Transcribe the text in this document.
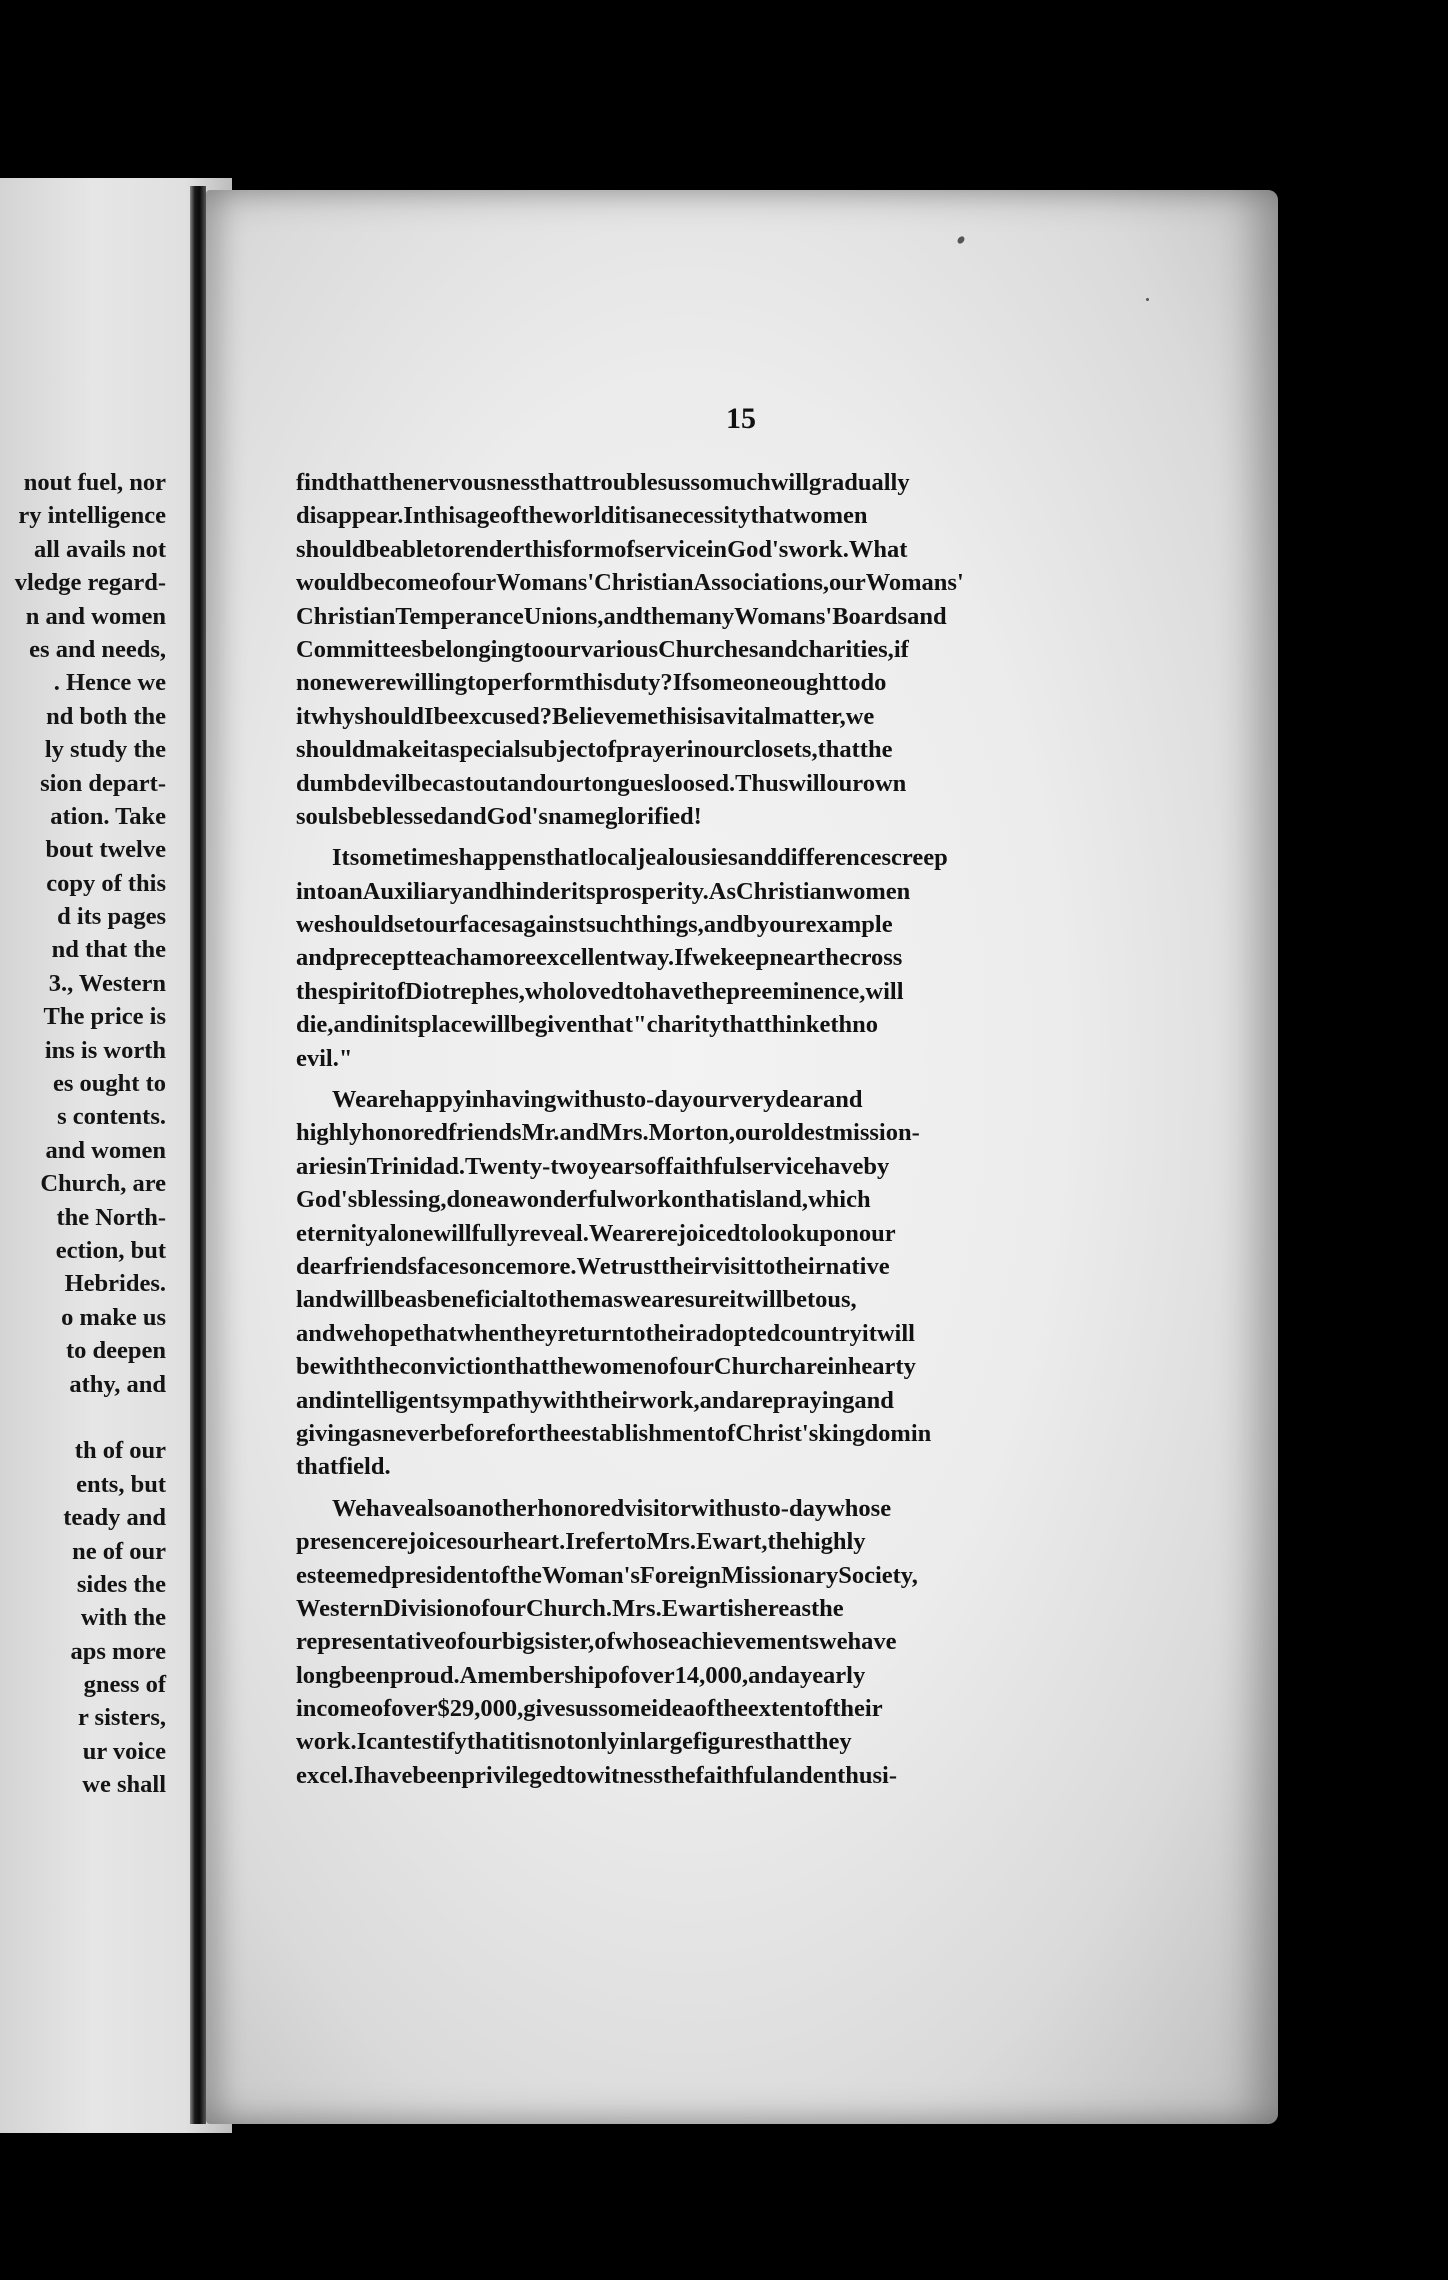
nout fuel, nor
ry intelligence
all avails not
vledge regard-
n and women
es and needs,
. Hence we
nd both the
ly study the
sion depart-
ation. Take
bout twelve
copy of this
d its pages
nd that the
3., Western
The price is
ins is worth
es ought to
s contents.
and women
Church, are
the North-
ection, but
Hebrides.
o make us
to deepen
athy, and
th of our
ents, but
teady and
ne of our
sides the
with the
aps more
gness of
r sisters,
ur voice
we shall
15
findthatthenervousnessthattroublesussomuchwillgradually
disappear.Inthisageoftheworlditisanecessitythatwomen
shouldbeabletorenderthisformofserviceinGod'swork.What
wouldbecomeofourWomans'ChristianAssociations,ourWomans'
ChristianTemperanceUnions,andthemanyWomans'Boardsand
CommitteesbelongingtoourvariousChurchesandcharities,if
nonewerewillingtoperformthisduty?Ifsomeoneoughttodo
itwhyshouldIbeexcused?Believemethisisavitalmatter,we
shouldmakeitaspecialsubjectofprayerinourclosets,thatthe
dumbdevilbecastoutandourtonguesloosed.Thuswillourown
soulsbeblessedandGod'snameglorified!
Itsometimeshappensthatlocaljealousiesanddifferencescreep
intoanAuxiliaryandhinderitsprosperity.AsChristianwomen
weshouldsetourfacesagainstsuchthings,andbyourexample
andpreceptteachamoreexcellentway.Ifwekeepnearthecross
thespiritofDiotrephes,wholovedtohavethepreeminence,will
die,andinitsplacewillbegiventhat"charitythatthinkethno
evil."
Wearehappyinhavingwithusto-dayourverydearand
highlyhonoredfriendsMr.andMrs.Morton,ouroldestmission-
ariesinTrinidad.Twenty-twoyearsoffaithfulservicehaveby
God'sblessing,doneawonderfulworkonthatisland,which
eternityalonewillfullyreveal.Wearerejoicedtolookuponour
dearfriendsfacesoncemore.Wetrusttheirvisittotheirnative
landwillbeasbeneficialtothemaswearesureitwillbetous,
andwehopethatwhentheyreturntotheiradoptedcountryitwill
bewiththeconvictionthatthewomenofourChurchareinhearty
andintelligentsympathywiththeirwork,andareprayingand
givingasneverbeforefortheestablishmentofChrist'skingdomin
thatfield.
Wehavealsoanotherhonoredvisitorwithusto-daywhose
presencerejoicesourheart.IrefertoMrs.Ewart,thehighly
esteemedpresidentoftheWoman'sForeignMissionarySociety,
WesternDivisionofourChurch.Mrs.Ewartishereasthe
representativeofourbigsister,ofwhoseachievementswehave
longbeenproud.Amembershipofover14,000,andayearly
incomeofover$29,000,givesussomeideaoftheextentoftheir
work.Icantestifythatitisnotonlyinlargefiguresthatthey
excel.Ihavebeenprivilegedtowitnessthefaithfulandenthusi-
